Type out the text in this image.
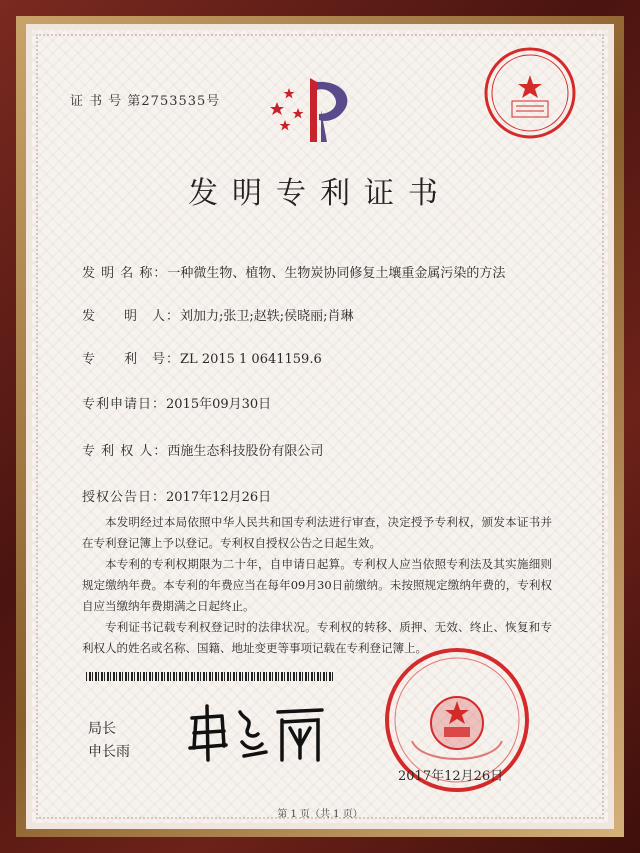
证 书 号 第2753535号
发明专利证书
发 明 名 称：一种微生物、植物、生物炭协同修复土壤重金属污染的方法
发　　明　人：刘加力;张卫;赵轶;侯晓丽;肖琳
专　　利　号：ZL 2015 1 0641159.6
专利申请日：2015年09月30日
专 利 权 人：西施生态科技股份有限公司
授权公告日：2017年12月26日

本发明经过本局依照中华人民共和国专利法进行审查，决定授予专利权，颁发本证书并在专利登记簿上予以登记。专利权自授权公告之日起生效。

本专利的专利权期限为二十年，自申请日起算。专利权人应当依照专利法及其实施细则规定缴纳年费。本专利的年费应当在每年09月30日前缴纳。未按照规定缴纳年费的，专利权自应当缴纳年费期满之日起终止。

专利证书记载专利权登记时的法律状况。专利权的转移、质押、无效、终止、恢复和专利权人的姓名或名称、国籍、地址变更等事项记载在专利登记簿上。

局长
申长雨
2017年12月26日
第 1 页（共 1 页）
